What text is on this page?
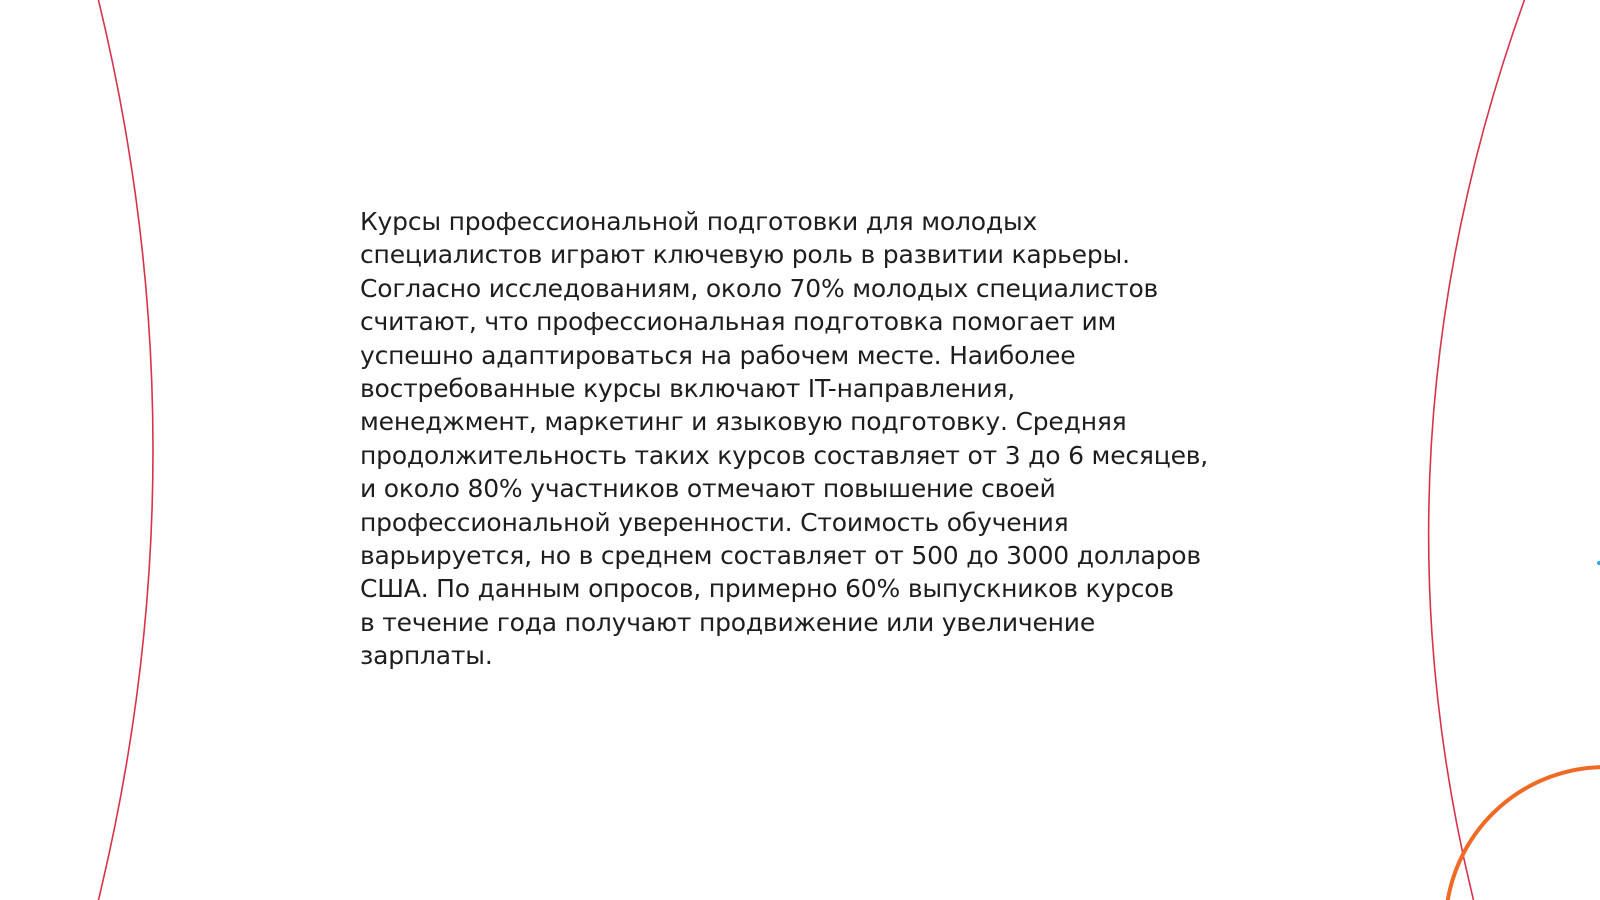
Курсы профессиональной подготовки для молодых
специалистов играют ключевую роль в развитии карьеры.
Согласно исследованиям, около 70% молодых специалистов
считают, что профессиональная подготовка помогает им
успешно адаптироваться на рабочем месте. Наиболее
востребованные курсы включают IT-направления,
менеджмент, маркетинг и языковую подготовку. Средняя
продолжительность таких курсов составляет от 3 до 6 месяцев,
и около 80% участников отмечают повышение своей
профессиональной уверенности. Стоимость обучения
варьируется, но в среднем составляет от 500 до 3000 долларов
США. По данным опросов, примерно 60% выпускников курсов
в течение года получают продвижение или увеличение
зарплаты.
